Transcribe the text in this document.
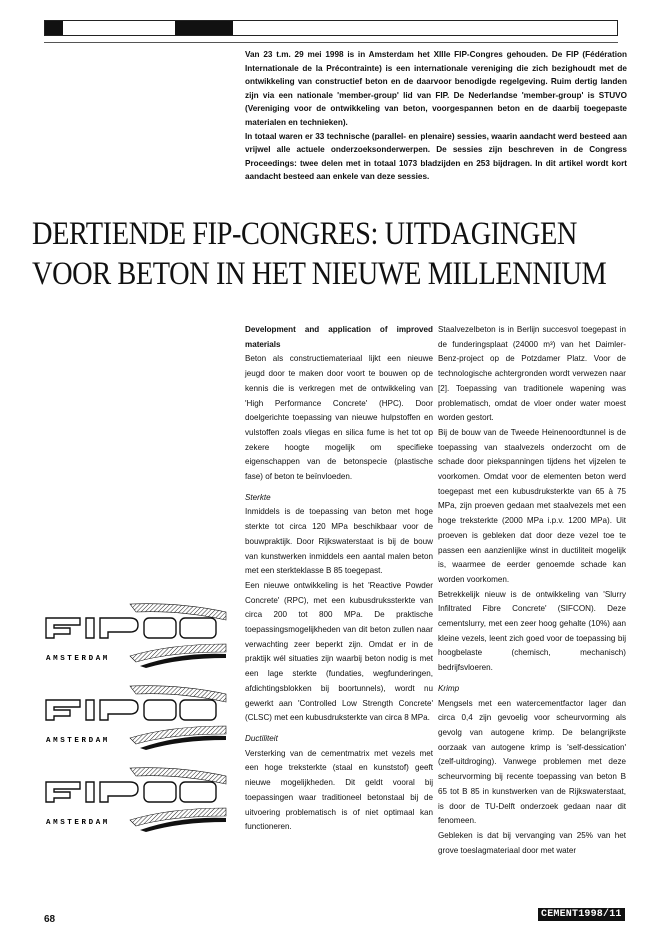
Van 23 t.m. 29 mei 1998 is in Amsterdam het XIIIe FIP-Congres gehouden. De FIP (Fédération Internationale de la Précontrainte) is een internationale vereniging die zich bezighoudt met de ontwikkeling van constructief beton en de daarvoor benodigde regelgeving. Ruim dertig landen zijn via een nationale 'member-group' lid van FIP. De Nederlandse 'member-group' is STUVO (Vereniging voor de ontwikkeling van beton, voorgespannen beton en de daarbij toegepaste materialen en technieken).

In totaal waren er 33 technische (parallel- en plenaire) sessies, waarin aandacht werd besteed aan vrijwel alle actuele onderzoeksonderwerpen. De sessies zijn beschreven in de Congress Proceedings: twee delen met in totaal 1073 bladzijden en 253 bijdragen. In dit artikel wordt kort aandacht besteed aan enkele van deze sessies.

DERTIENDE FIP-CONGRES: UITDAGINGEN
VOOR BETON IN HET NIEUWE MILLENNIUM

Development and application of improved materials

Beton als constructiemateriaal lijkt een nieuwe jeugd door te maken door voort te bouwen op de kennis die is verkregen met de ontwikkeling van 'High Performance Concrete' (HPC). Door doelgerichte toepassing van nieuwe hulpstoffen en vulstoffen zoals vliegas en silica fume is het tot op zekere hoogte mogelijk om specifieke eigenschappen van de betonspecie (plastische fase) of beton te beïnvloeden.

Sterkte

Inmiddels is de toepassing van beton met hoge sterkte tot circa 120 MPa beschikbaar voor de bouwpraktijk. Door Rijkswaterstaat is bij de bouw van kunstwerken inmiddels een aantal malen beton met een sterkteklasse B 85 toegepast.

Een nieuwe ontwikkeling is het 'Reactive Powder Concrete' (RPC), met een kubusdrukssterkte van circa 200 tot 800 MPa. De praktische toepassingsmogelijkheden van dit beton zullen naar verwachting zeer beperkt zijn. Omdat er in de praktijk wél situaties zijn waarbij beton nodig is met een lage sterkte (fundaties, wegfunderingen, afdichtingsblokken bij boortunnels), wordt nu gewerkt aan 'Controlled Low Strength Concrete' (CLSC) met een kubusdruksterkte van circa 8 MPa.

Ductiliteit

Versterking van de cementmatrix met vezels met een hoge treksterkte (staal en kunststof) geeft nieuwe mogelijkheden. Dit geldt vooral bij toepassingen waar traditioneel betonstaal bij de uitvoering problematisch is of niet optimaal kan functioneren.

Staalvezelbeton is in Berlijn succesvol toegepast in de funderingsplaat (24000 m³) van het Daimler-Benz-project op de Potzdamer Platz. Voor de technologische achtergronden wordt verwezen naar [2]. Toepassing van traditionele wapening was problematisch, omdat de vloer onder water moest worden gestort.

Bij de bouw van de Tweede Heinenoordtunnel is de toepassing van staalvezels onderzocht om de schade door piekspanningen tijdens het vijzelen te voorkomen. Omdat voor de elementen beton werd toegepast met een kubusdruksterkte van 65 à 75 MPa, zijn proeven gedaan met staalvezels met een hoge treksterkte (2000 MPa i.p.v. 1200 MPa). Uit proeven is gebleken dat door deze vezel toe te passen een aanzienlijke winst in ductiliteit mogelijk is, waarmee de eerder genoemde schade kan worden voorkomen.

Betrekkelijk nieuw is de ontwikkeling van 'Slurry Infiltrated Fibre Concrete' (SIFCON). Deze cementslurry, met een zeer hoog gehalte (10%) aan kleine vezels, leent zich goed voor de toepassing bij hoogbelaste (chemisch, mechanisch) bedrijfsvloeren.

Krimp

Mengsels met een watercementfactor lager dan circa 0,4 zijn gevoelig voor scheurvorming als gevolg van autogene krimp. De belangrijkste oorzaak van autogene krimp is 'self-dessication' (zelf-uitdroging). Vanwege problemen met deze scheurvorming bij recente toepassing van beton B 65 tot B 85 in kunstwerken van de Rijkswaterstaat, is door de TU-Delft onderzoek gedaan naar dit fenomeen.

Gebleken is dat bij vervanging van 25% van het grove toeslagmateriaal door met water

AMSTERDAM
AMSTERDAM
AMSTERDAM
68	CEMENT1998/11
